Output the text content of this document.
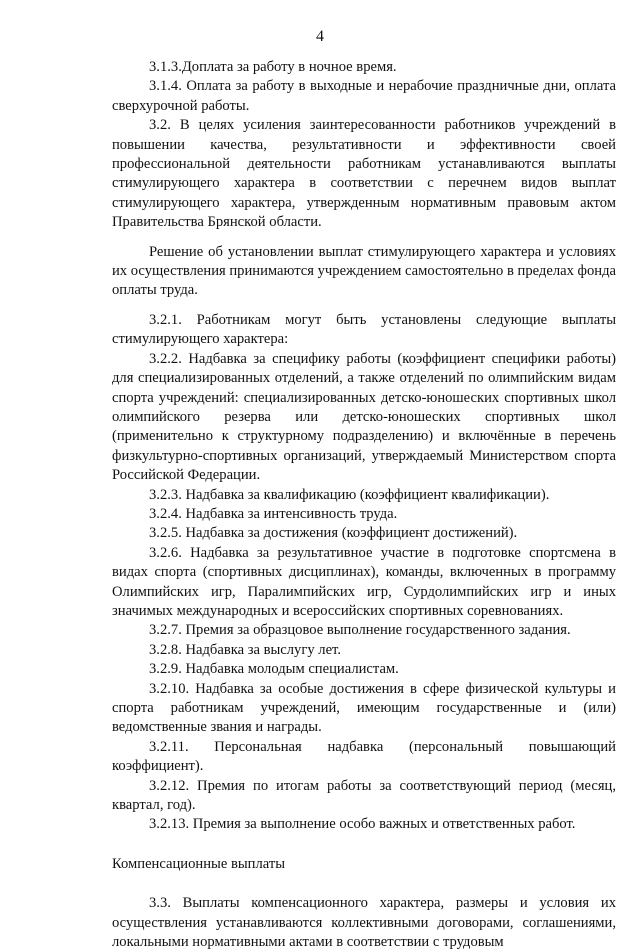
4

3.1.3.Доплата за работу в ночное время.

3.1.4. Оплата за работу в выходные и нерабочие праздничные дни, оплата сверхурочной работы.

3.2. В целях усиления заинтересованности работников учреждений в повышении качества, результативности и эффективности своей профессиональной деятельности работникам устанавливаются выплаты стимулирующего характера в соответствии с перечнем видов выплат стимулирующего характера, утвержденным нормативным правовым актом Правительства Брянской области.

Решение об установлении выплат стимулирующего характера и условиях их осуществления принимаются учреждением самостоятельно в пределах фонда оплаты труда.

3.2.1. Работникам могут быть установлены следующие выплаты стимулирующего характера:

3.2.2. Надбавка за специфику работы (коэффициент специфики работы) для специализированных отделений, а также отделений по олимпийским видам спорта учреждений: специализированных детско-юношеских спортивных школ олимпийского резерва или детско-юношеских спортивных школ (применительно к структурному подразделению) и включённые в перечень физкультурно-спортивных организаций, утверждаемый Министерством спорта Российской Федерации.

3.2.3. Надбавка за квалификацию (коэффициент квалификации).

3.2.4. Надбавка за интенсивность труда.

3.2.5. Надбавка за достижения (коэффициент достижений).

3.2.6. Надбавка за результативное участие в подготовке спортсмена в видах спорта (спортивных дисциплинах), команды, включенных в программу Олимпийских игр, Паралимпийских игр, Сурдолимпийских игр и иных значимых международных и всероссийских спортивных соревнованиях.

3.2.7. Премия за образцовое выполнение государственного задания.

3.2.8. Надбавка за выслугу лет.

3.2.9. Надбавка молодым специалистам.

3.2.10. Надбавка за особые достижения в сфере физической культуры и спорта работникам учреждений, имеющим государственные и (или) ведомственные звания и награды.

3.2.11. Персональная надбавка (персональный повышающий коэффициент).

3.2.12. Премия по итогам работы за соответствующий период (месяц, квартал, год).

3.2.13. Премия за выполнение особо важных и ответственных работ.

Компенсационные выплаты

3.3. Выплаты компенсационного характера, размеры и условия их осуществления устанавливаются коллективными договорами, соглашениями, локальными нормативными актами в соответствии с трудовым
